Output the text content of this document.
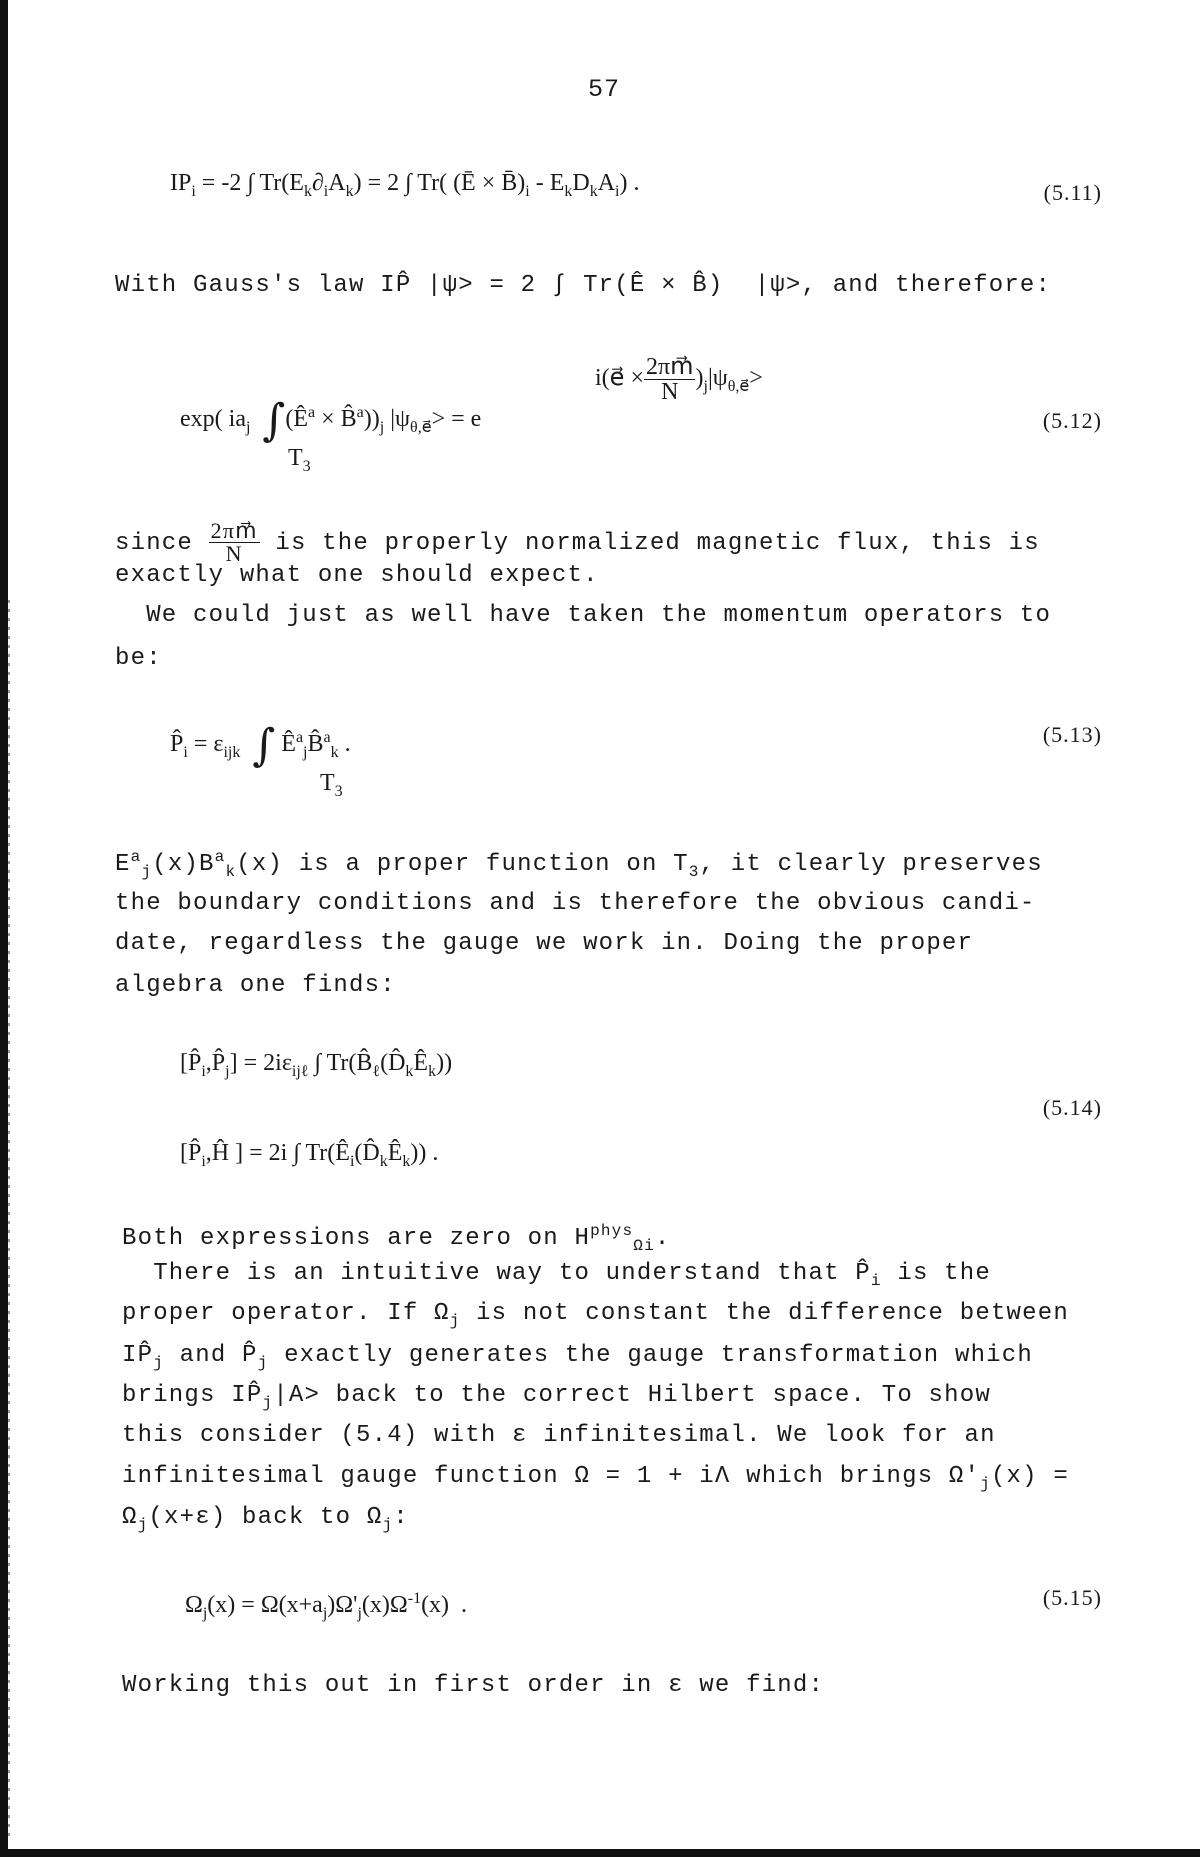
57
$IP_i = -2$ ∫ $Tr(E_k\partial_iA_k) = 2$ ∫ Tr( (Ē × $B̄)_i - E_kD_kA_i$) .	(5.11)
With Gauss's law IP̂ |ψ> = 2 ∫ Tr(Ê × B̂)  |ψ>, and therefore:
exp( $ia_j$ $\int(Ê^a$ × $B̂^a))_j$ $|\psi_{\theta,e⃗}> = e$
$T_3$
i(e⃗ × $\frac{2\pi m⃗}{N} )_j|\psi_{\theta,e⃗}>$
(5.12)
since $\frac{2\pi m⃗}{N}$ is the properly normalized magnetic flux, this is
exactly what one should expect.
We could just as well have taken the momentum operators to
be:
$P̂_i = \varepsilon_{ijk}$ ∫ $Ê^a_jB̂^a_k$ .
$T_3$
(5.13)
$E^a_j(x)B^a_k(x)$ is a proper function on $T_3$, it clearly preserves
the boundary conditions and is therefore the obvious candi-
date, regardless the gauge we work in. Doing the proper
algebra one finds:
$[P̂_i,P̂_j] = 2i\varepsilon_{ij\ell}$ ∫ $Tr(B̂_\ell(D̂_kÊ_k))$
[$P̂_i,Ĥ$ ] = 2i ∫ $Tr(Ê_i(D̂_kÊ_k))$ .
(5.14)
Both expressions are zero on $H^{phys}_{\Omega i}$.
There is an intuitive way to understand that $P̂_i$ is the
proper operator. If $\Omega_j$ is not constant the difference between
$IP̂_j$ and $P̂_j$ exactly generates the gauge transformation which
brings $IP̂_j|A>$ back to the correct Hilbert space. To show
this consider (5.4) with ε infinitesimal. We look for an
infinitesimal gauge function Ω = 1 + iΛ which brings $\Omega'_j(x)$ =
$\Omega_j(x+\varepsilon)$ back to $\Omega_j$:
$\Omega_j(x) = \Omega(x+a_j)\Omega'_j(x)\Omega^{-1}(x)$  .	(5.15)
Working this out in first order in ε we find:
